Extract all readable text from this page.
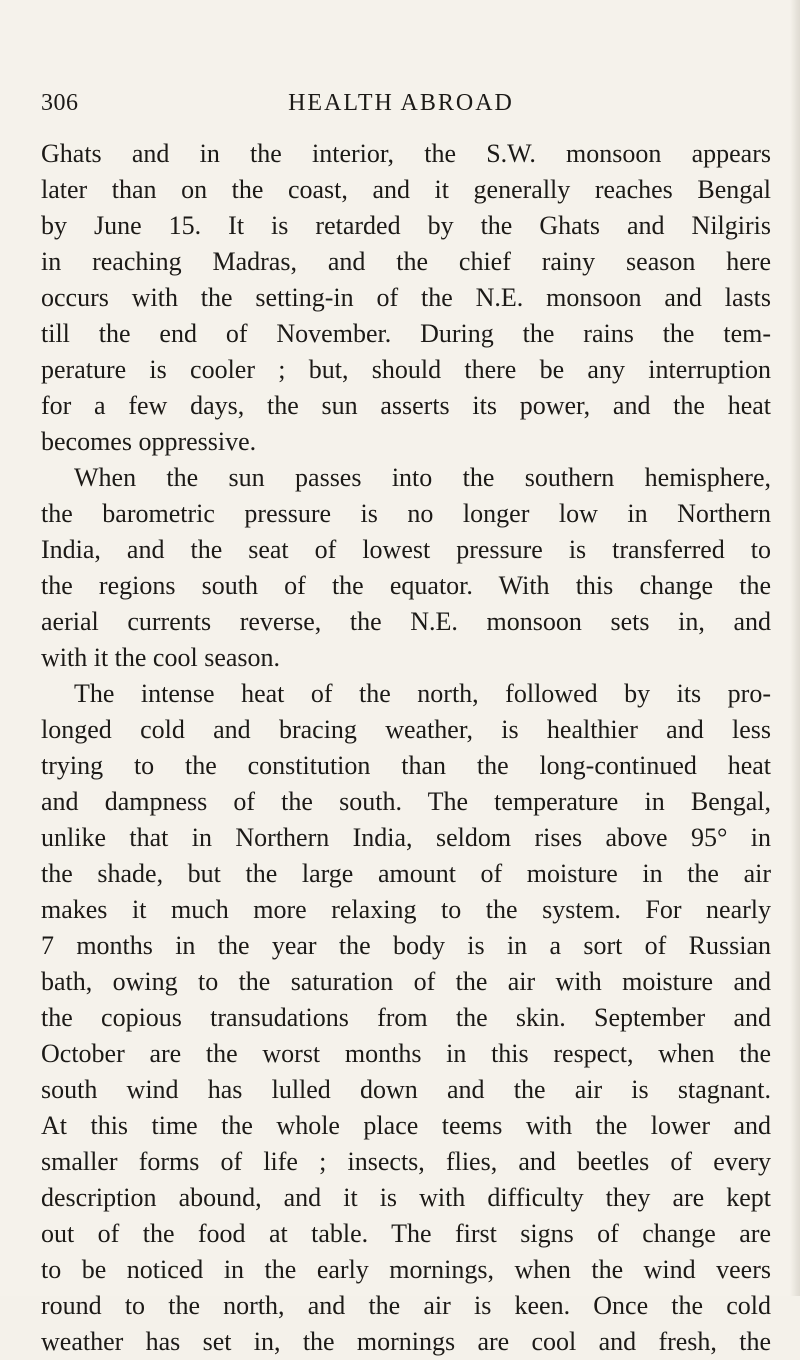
306	HEALTH ABROAD
Ghats and in the interior, the S.W. monsoon appears
later than on the coast, and it generally reaches Bengal
by June 15. It is retarded by the Ghats and Nilgiris
in reaching Madras, and the chief rainy season here
occurs with the setting-in of the N.E. monsoon and lasts
till the end of November. During the rains the tem-
perature is cooler ; but, should there be any interruption
for a few days, the sun asserts its power, and the heat
becomes oppressive.
When the sun passes into the southern hemisphere,
the barometric pressure is no longer low in Northern
India, and the seat of lowest pressure is transferred to
the regions south of the equator. With this change the
aerial currents reverse, the N.E. monsoon sets in, and
with it the cool season.
The intense heat of the north, followed by its pro-
longed cold and bracing weather, is healthier and less
trying to the constitution than the long-continued heat
and dampness of the south. The temperature in Bengal,
unlike that in Northern India, seldom rises above 95° in
the shade, but the large amount of moisture in the air
makes it much more relaxing to the system. For nearly
7 months in the year the body is in a sort of Russian
bath, owing to the saturation of the air with moisture and
the copious transudations from the skin. September and
October are the worst months in this respect, when the
south wind has lulled down and the air is stagnant.
At this time the whole place teems with the lower and
smaller forms of life ; insects, flies, and beetles of every
description abound, and it is with difficulty they are kept
out of the food at table. The first signs of change are
to be noticed in the early mornings, when the wind veers
round to the north, and the air is keen. Once the cold
weather has set in, the mornings are cool and fresh, the
